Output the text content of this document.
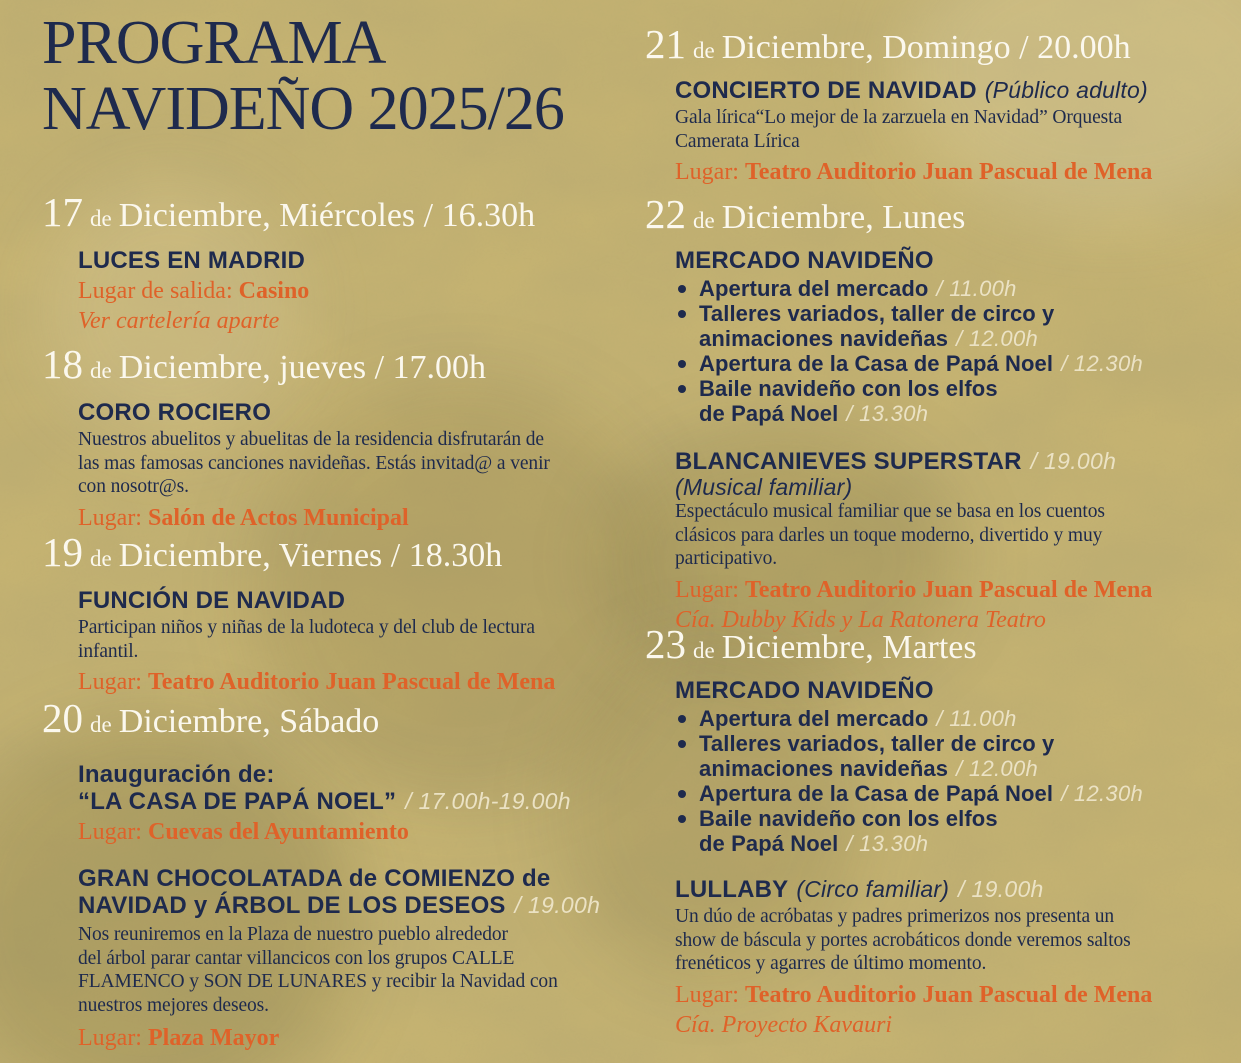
PROGRAMA
NAVIDEÑO 2025/26
17 de Diciembre, Miércoles / 16.30h
LUCES EN MADRID
Lugar de salida: Casino
Ver cartelería aparte
18 de Diciembre, jueves / 17.00h
CORO ROCIERO
Nuestros abuelitos y abuelitas de la residencia disfrutarán de
las mas famosas canciones navideñas. Estás invitad@ a venir
con nosotr@s.
Lugar: Salón de Actos Municipal
19 de Diciembre, Viernes / 18.30h
FUNCIÓN DE NAVIDAD
Participan niños y niñas de la ludoteca y del club de lectura
infantil.
Lugar: Teatro Auditorio Juan Pascual de Mena
20 de Diciembre, Sábado
Inauguración de:
“LA CASA DE PAPÁ NOEL” / 17.00h-19.00h
Lugar: Cuevas del Ayuntamiento
GRAN CHOCOLATADA de COMIENZO de
NAVIDAD y ÁRBOL DE LOS DESEOS / 19.00h
Nos reuniremos en la Plaza de nuestro pueblo alrededor
del árbol parar cantar villancicos con los grupos CALLE
FLAMENCO y SON DE LUNARES y recibir la Navidad con
nuestros mejores deseos.
Lugar: Plaza Mayor
21 de Diciembre, Domingo / 20.00h
CONCIERTO DE NAVIDAD (Público adulto)
Gala lírica“Lo mejor de la zarzuela en Navidad” Orquesta
Camerata Lírica
Lugar: Teatro Auditorio Juan Pascual de Mena
22 de Diciembre, Lunes
MERCADO NAVIDEÑO
Apertura del mercado / 11.00h
Talleres variados, taller de circo y
animaciones navideñas / 12.00h
Apertura de la Casa de Papá Noel / 12.30h
Baile navideño con los elfos
de Papá Noel / 13.30h
BLANCANIEVES SUPERSTAR / 19.00h
(Musical familiar)
Espectáculo musical familiar que se basa en los cuentos
clásicos para darles un toque moderno, divertido y muy
participativo.
Lugar: Teatro Auditorio Juan Pascual de Mena
Cía. Dubby Kids y La Ratonera Teatro
23 de Diciembre, Martes
MERCADO NAVIDEÑO
Apertura del mercado / 11.00h
Talleres variados, taller de circo y
animaciones navideñas / 12.00h
Apertura de la Casa de Papá Noel / 12.30h
Baile navideño con los elfos
de Papá Noel / 13.30h
LULLABY (Circo familiar) / 19.00h
Un dúo de acróbatas y padres primerizos nos presenta un
show de báscula y portes acrobáticos donde veremos saltos
frenéticos y agarres de último momento.
Lugar: Teatro Auditorio Juan Pascual de Mena
Cía. Proyecto Kavauri
